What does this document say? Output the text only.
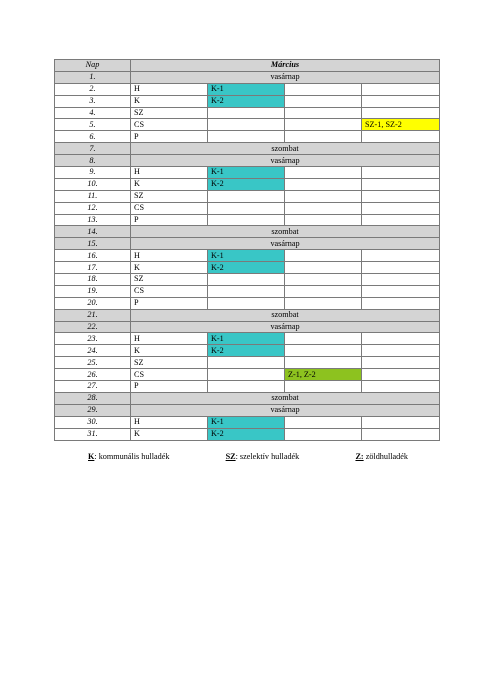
Nap	Március			
1.	vasárnap			
2.	H	K-1		
3.	K	K-2		
4.	SZ			
5.	CS			SZ-1, SZ-2
6.	P			
7.	szombat			
8.	vasárnap			
9.	H	K-1		
10.	K	K-2		
11.	SZ			
12.	CS			
13.	P			
14.	szombat			
15.	vasárnap			
16.	H	K-1		
17.	K	K-2		
18.	SZ			
19.	CS			
20.	P			
21.	szombat			
22.	vasárnap			
23.	H	K-1		
24.	K	K-2		
25.	SZ			
26.	CS		Z-1, Z-2	
27.	P			
28.	szombat			
29.	vasárnap			
30.	H	K-1		
31.	K	K-2		
K: kommunális hulladék	SZ: szelektív hulladék	Z: zöldhulladék
